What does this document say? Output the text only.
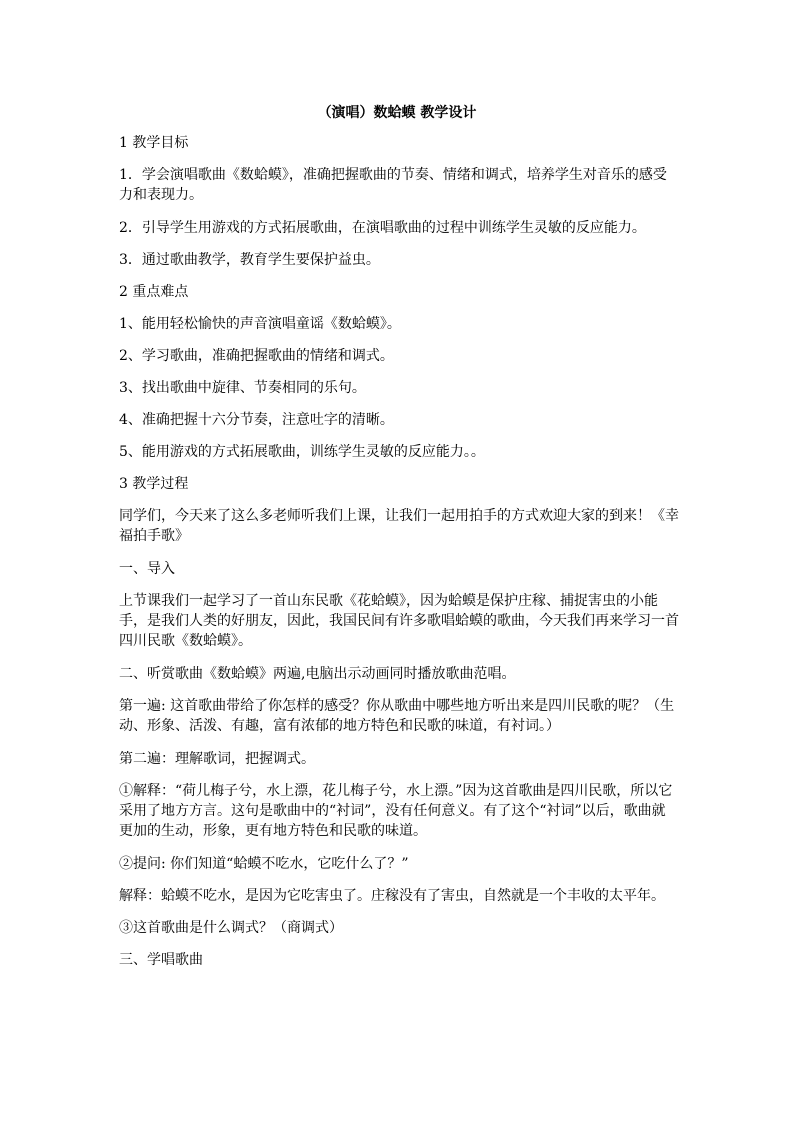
（演唱）数蛤蟆 教学设计

1 教学目标

1．学会演唱歌曲《数蛤蟆》，准确把握歌曲的节奏、情绪和调式，培养学生对音乐的感受力和表现力。

2．引导学生用游戏的方式拓展歌曲，在演唱歌曲的过程中训练学生灵敏的反应能力。

3．通过歌曲教学，教育学生要保护益虫。

2 重点难点

1、能用轻松愉快的声音演唱童谣《数蛤蟆》。

2、学习歌曲，准确把握歌曲的情绪和调式。

3、找出歌曲中旋律、节奏相同的乐句。

4、准确把握十六分节奏，注意吐字的清晰。

5、能用游戏的方式拓展歌曲，训练学生灵敏的反应能力。。

3 教学过程

同学们，今天来了这么多老师听我们上课，让我们一起用拍手的方式欢迎大家的到来！《幸福拍手歌》

一、导入

上节课我们一起学习了一首山东民歌《花蛤蟆》，因为蛤蟆是保护庄稼、捕捉害虫的小能手，是我们人类的好朋友，因此，我国民间有许多歌唱蛤蟆的歌曲，今天我们再来学习一首四川民歌《数蛤蟆》。

二、听赏歌曲《数蛤蟆》两遍,电脑出示动画同时播放歌曲范唱。

第一遍: 这首歌曲带给了你怎样的感受？你从歌曲中哪些地方听出来是四川民歌的呢？（生动、形象、活泼、有趣，富有浓郁的地方特色和民歌的味道，有衬词。）

第二遍：理解歌词，把握调式。

①解释：“荷儿梅子兮，水上漂，花儿梅子兮，水上漂。”因为这首歌曲是四川民歌，所以它采用了地方方言。这句是歌曲中的“衬词”，没有任何意义。有了这个“衬词”以后，歌曲就更加的生动，形象，更有地方特色和民歌的味道。

②提问: 你们知道“蛤蟆不吃水，它吃什么了？”

解释：蛤蟆不吃水，是因为它吃害虫了。庄稼没有了害虫，自然就是一个丰收的太平年。

③这首歌曲是什么调式？（商调式）

三、学唱歌曲
